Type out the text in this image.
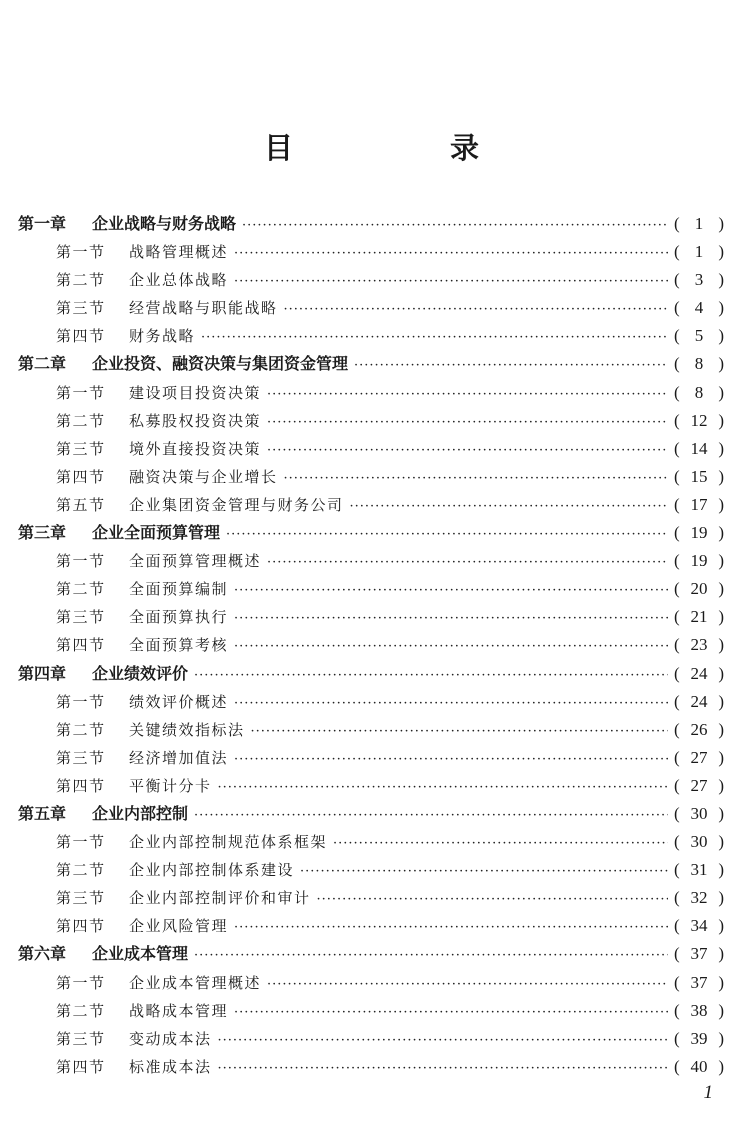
目　录
第一章	企业战略与财务战略 ·····	( 1 )
第一节	战略管理概述 ·····	( 1 )
第二节	企业总体战略 ·····	( 3 )
第三节	经营战略与职能战略 ·····	( 4 )
第四节	财务战略 ·····	( 5 )
第二章	企业投资、融资决策与集团资金管理 ·····	( 8 )
第一节	建设项目投资决策 ·····	( 8 )
第二节	私募股权投资决策 ·····	( 12 )
第三节	境外直接投资决策 ·····	( 14 )
第四节	融资决策与企业增长 ·····	( 15 )
第五节	企业集团资金管理与财务公司 ·····	( 17 )
第三章	企业全面预算管理 ·····	( 19 )
第一节	全面预算管理概述 ·····	( 19 )
第二节	全面预算编制 ·····	( 20 )
第三节	全面预算执行 ·····	( 21 )
第四节	全面预算考核 ·····	( 23 )
第四章	企业绩效评价 ·····	( 24 )
第一节	绩效评价概述 ·····	( 24 )
第二节	关键绩效指标法 ·····	( 26 )
第三节	经济增加值法 ·····	( 27 )
第四节	平衡计分卡 ·····	( 27 )
第五章	企业内部控制 ·····	( 30 )
第一节	企业内部控制规范体系框架 ·····	( 30 )
第二节	企业内部控制体系建设 ·····	( 31 )
第三节	企业内部控制评价和审计 ·····	( 32 )
第四节	企业风险管理 ·····	( 34 )
第六章	企业成本管理 ·····	( 37 )
第一节	企业成本管理概述 ·····	( 37 )
第二节	战略成本管理 ·····	( 38 )
第三节	变动成本法 ·····	( 39 )
第四节	标准成本法 ·····	( 40 )
1
